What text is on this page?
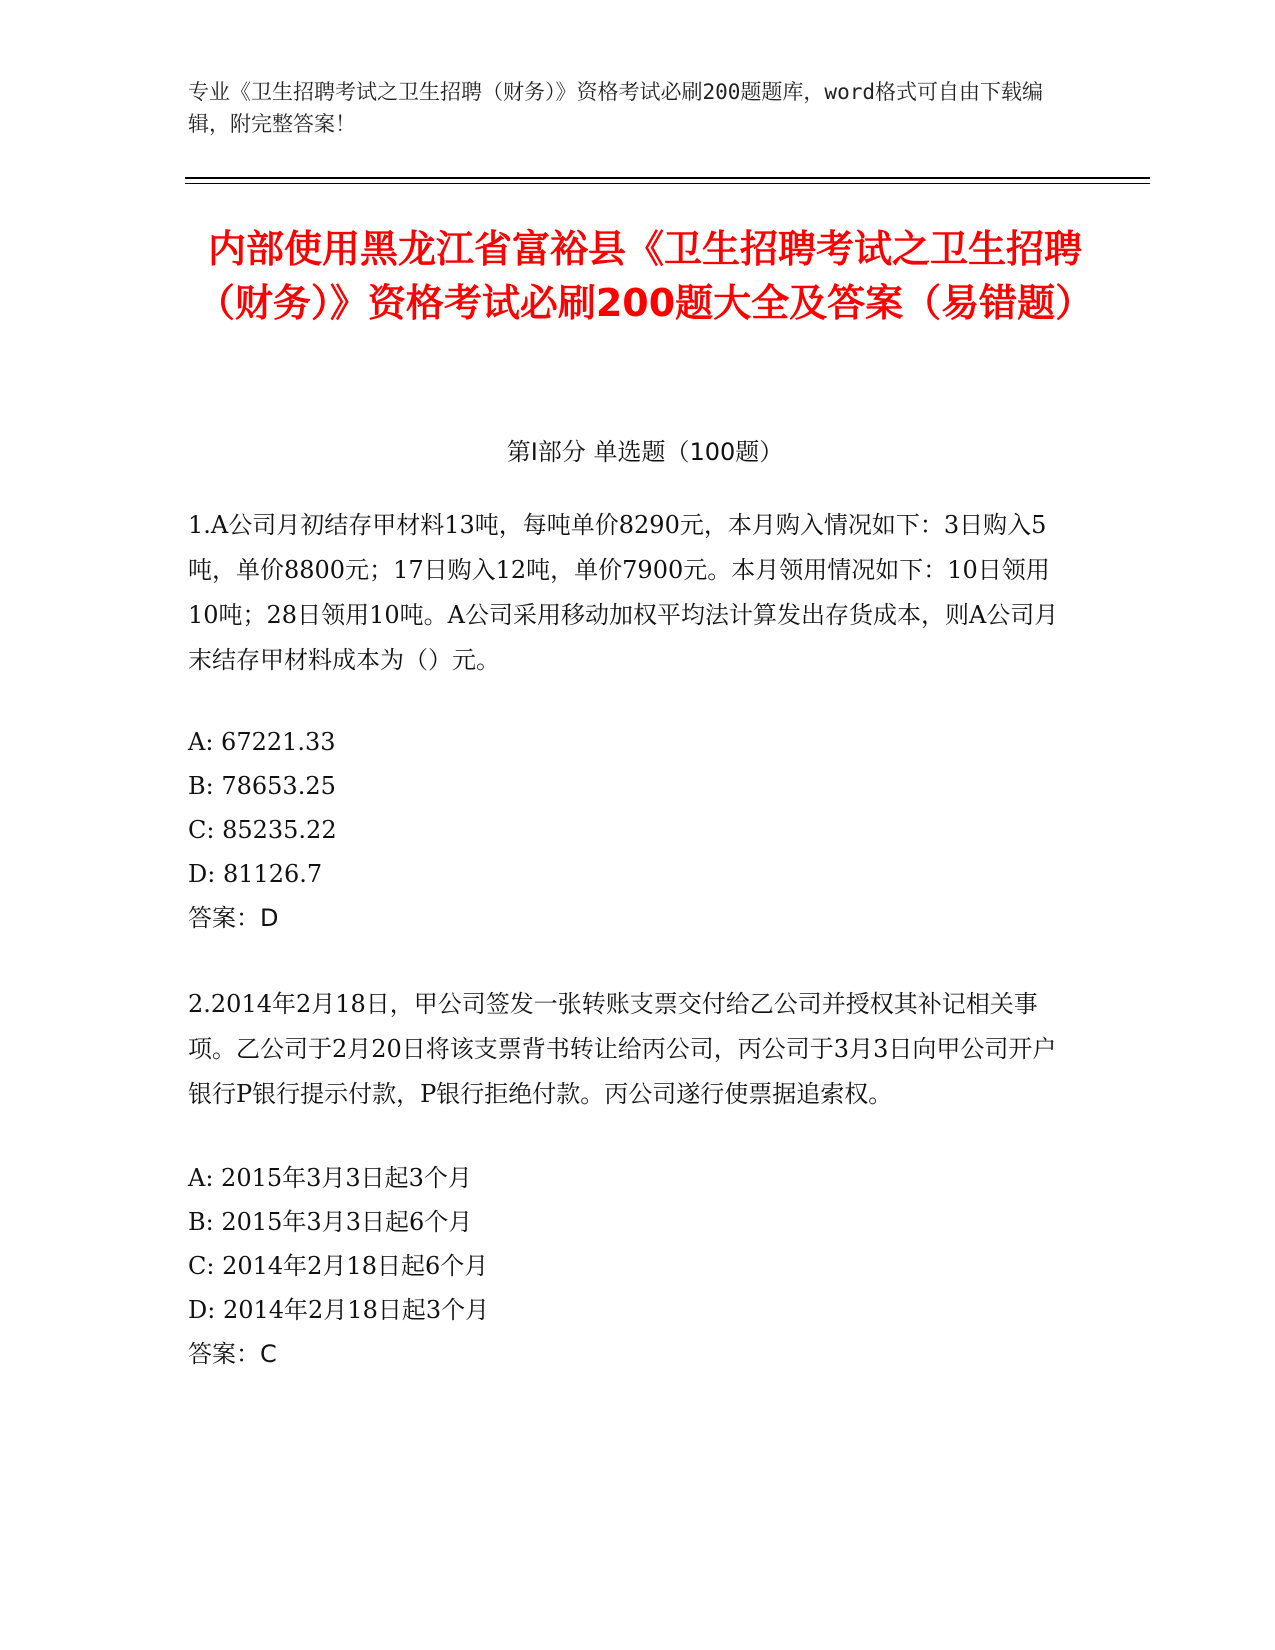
专业《卫生招聘考试之卫生招聘（财务）》资格考试必刷200题题库，word格式可自由下载编辑，附完整答案！
内部使用黑龙江省富裕县《卫生招聘考试之卫生招聘（财务）》资格考试必刷200题大全及答案（易错题）
第Ⅰ部分 单选题（100题）
1.A公司月初结存甲材料13吨，每吨单价8290元，本月购入情况如下：3日购入5吨，单价8800元；17日购入12吨，单价7900元。本月领用情况如下：10日领用10吨；28日领用10吨。A公司采用移动加权平均法计算发出存货成本，则A公司月末结存甲材料成本为（）元。
A: 67221.33
B: 78653.25
C: 85235.22
D: 81126.7
答案：D
2.2014年2月18日，甲公司签发一张转账支票交付给乙公司并授权其补记相关事项。乙公司于2月20日将该支票背书转让给丙公司，丙公司于3月3日向甲公司开户银行P银行提示付款，P银行拒绝付款。丙公司遂行使票据追索权。
A: 2015年3月3日起3个月
B: 2015年3月3日起6个月
C: 2014年2月18日起6个月
D: 2014年2月18日起3个月
答案：C
